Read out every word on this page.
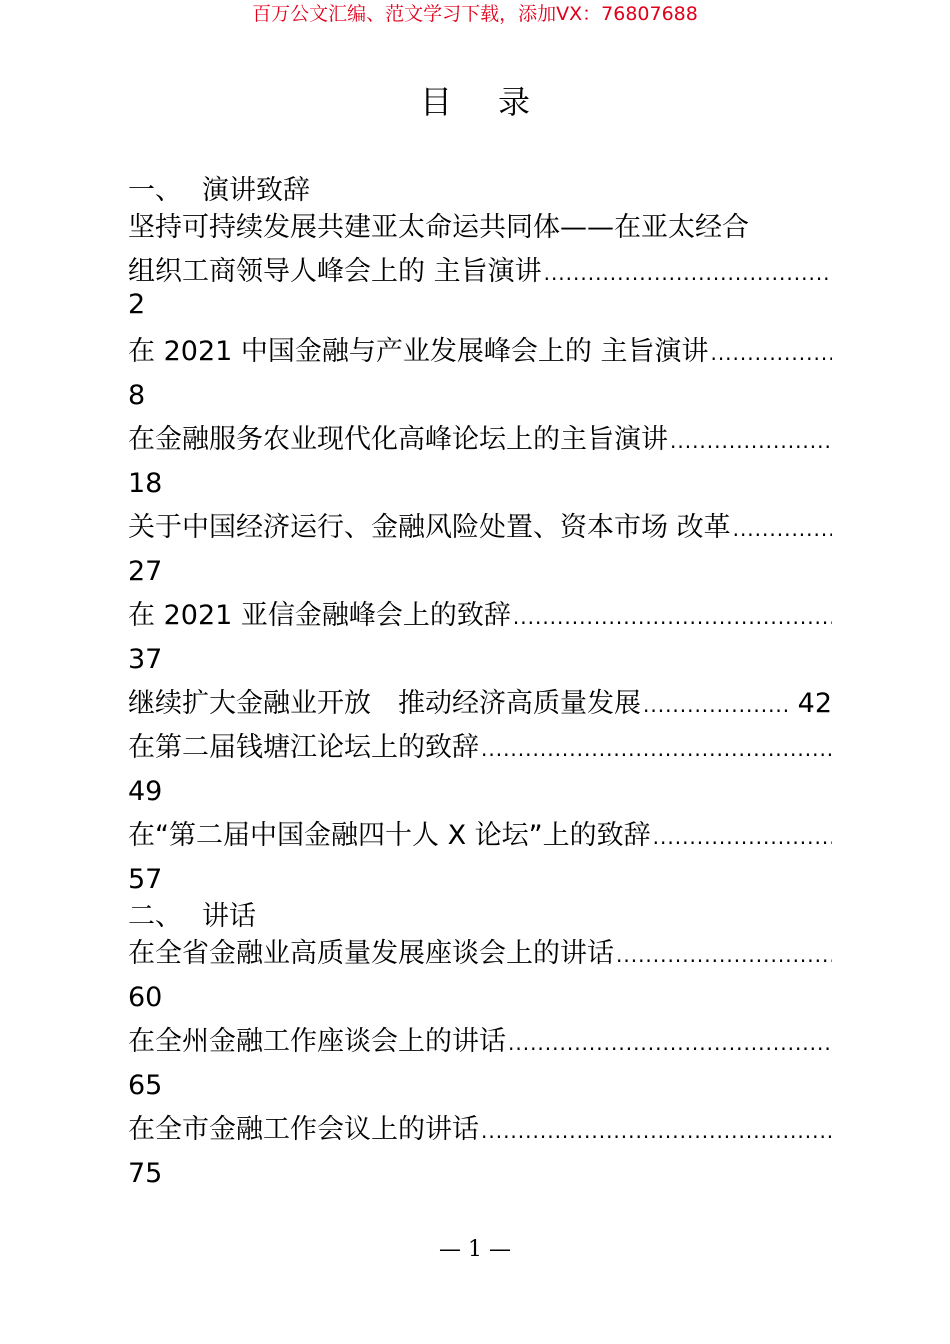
百万公文汇编、范文学习下载，添加VX：76807688
目 录
一、 演讲致辞
坚持可持续发展共建亚太命运共同体——在亚太经合
组织工商领导人峰会上的 主旨演讲
.....
2
在 2021 中国金融与产业发展峰会上的 主旨演讲
.....
8
在金融服务农业现代化高峰论坛上的主旨演讲
.....
18
关于中国经济运行、金融风险处置、资本市场 改革
.....
27
在 2021 亚信金融峰会上的致辞
.....
37
继续扩大金融业开放　推动经济高质量发展
.....	42
在第二届钱塘江论坛上的致辞
.....
49
在“第二届中国金融四十人 X 论坛”上的致辞
.....
57
二、 讲话
在全省金融业高质量发展座谈会上的讲话
.....
60
在全州金融工作座谈会上的讲话
.....
65
在全市金融工作会议上的讲话
.....
75
— 1 —
